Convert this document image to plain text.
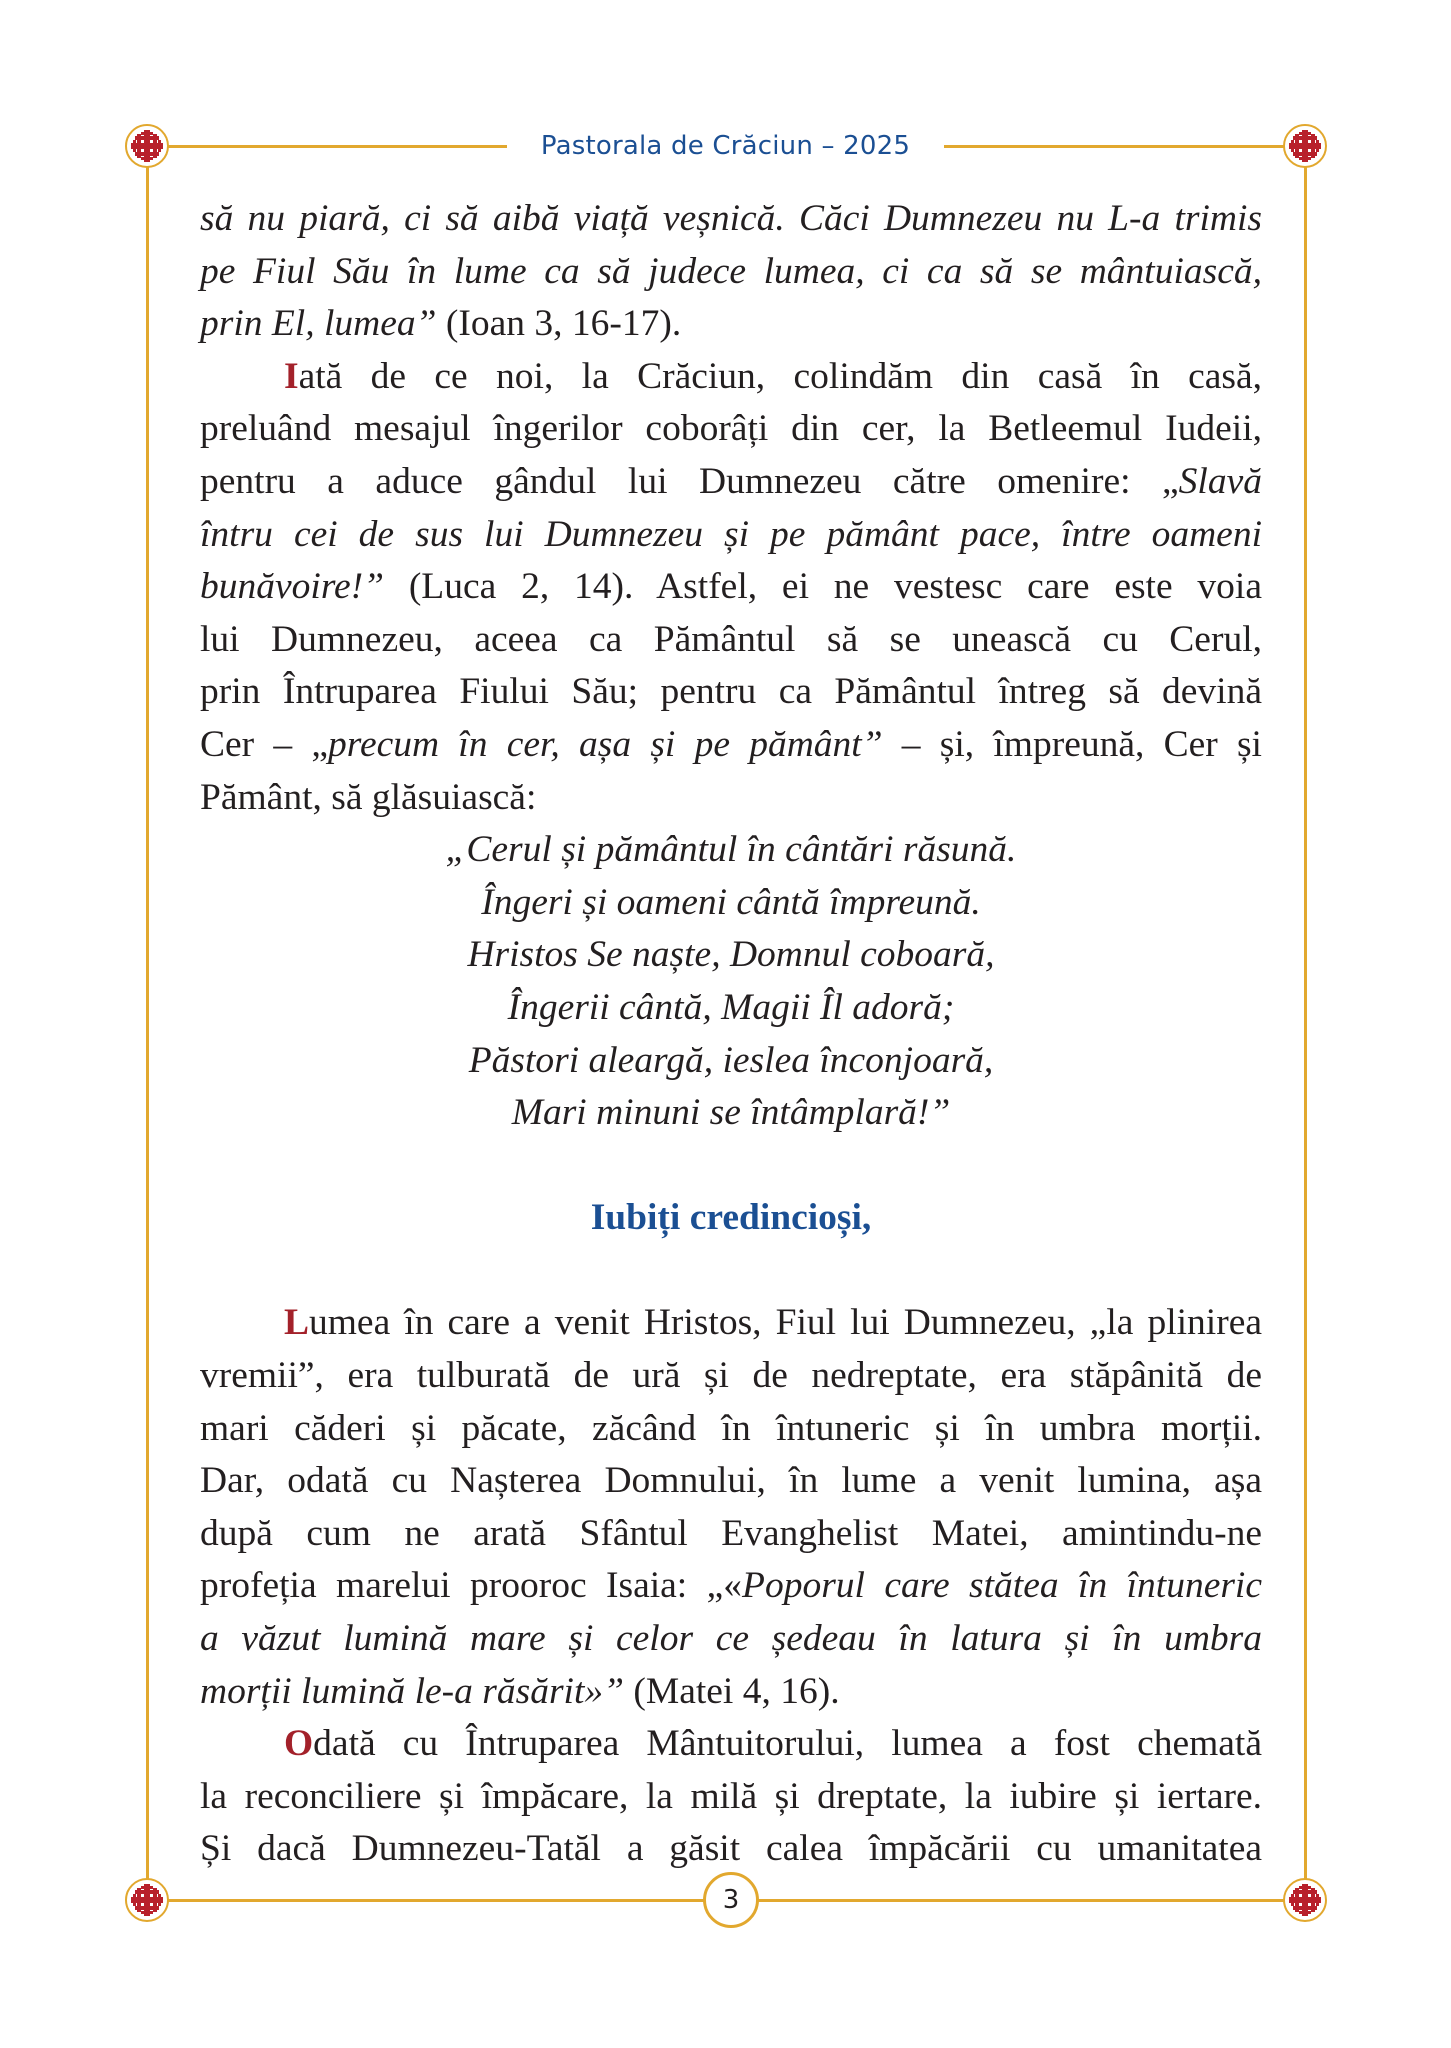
Pastorala de Crăciun – 2025
să nu piară, ci să aibă viață veșnică. Căci Dumnezeu nu L-a trimis
pe Fiul Său în lume ca să judece lumea, ci ca să se mântuiască,
prin El, lumea” (Ioan 3, 16-17).
Iată de ce noi, la Crăciun, colindăm din casă în casă,
preluând mesajul îngerilor coborâți din cer, la Betleemul Iudeii,
pentru a aduce gândul lui Dumnezeu către omenire: „Slavă
întru cei de sus lui Dumnezeu și pe pământ pace, între oameni
bunăvoire!” (Luca 2, 14). Astfel, ei ne vestesc care este voia
lui Dumnezeu, aceea ca Pământul să se unească cu Cerul,
prin Întruparea Fiului Său; pentru ca Pământul întreg să devină
Cer – „precum în cer, așa și pe pământ” – și, împreună, Cer și
Pământ, să glăsuiască:
„Cerul și pământul în cântări răsună.
Îngeri și oameni cântă împreună.
Hristos Se naște, Domnul coboară,
Îngerii cântă, Magii Îl adoră;
Păstori aleargă, ieslea înconjoară,
Mari minuni se întâmplară!”
Iubiți credincioși,
Lumea în care a venit Hristos, Fiul lui Dumnezeu, „la plinirea
vremii”, era tulburată de ură și de nedreptate, era stăpânită de
mari căderi și păcate, zăcând în întuneric și în umbra morții.
Dar, odată cu Nașterea Domnului, în lume a venit lumina, așa
după cum ne arată Sfântul Evanghelist Matei, amintindu-ne
profeția marelui prooroc Isaia: „«Poporul care stătea în întuneric
a văzut lumină mare și celor ce ședeau în latura și în umbra
morții lumină le-a răsărit»” (Matei 4, 16).
Odată cu Întruparea Mântuitorului, lumea a fost chemată
la reconciliere și împăcare, la milă și dreptate, la iubire și iertare.
Și dacă Dumnezeu-Tatăl a găsit calea împăcării cu umanitatea
3
